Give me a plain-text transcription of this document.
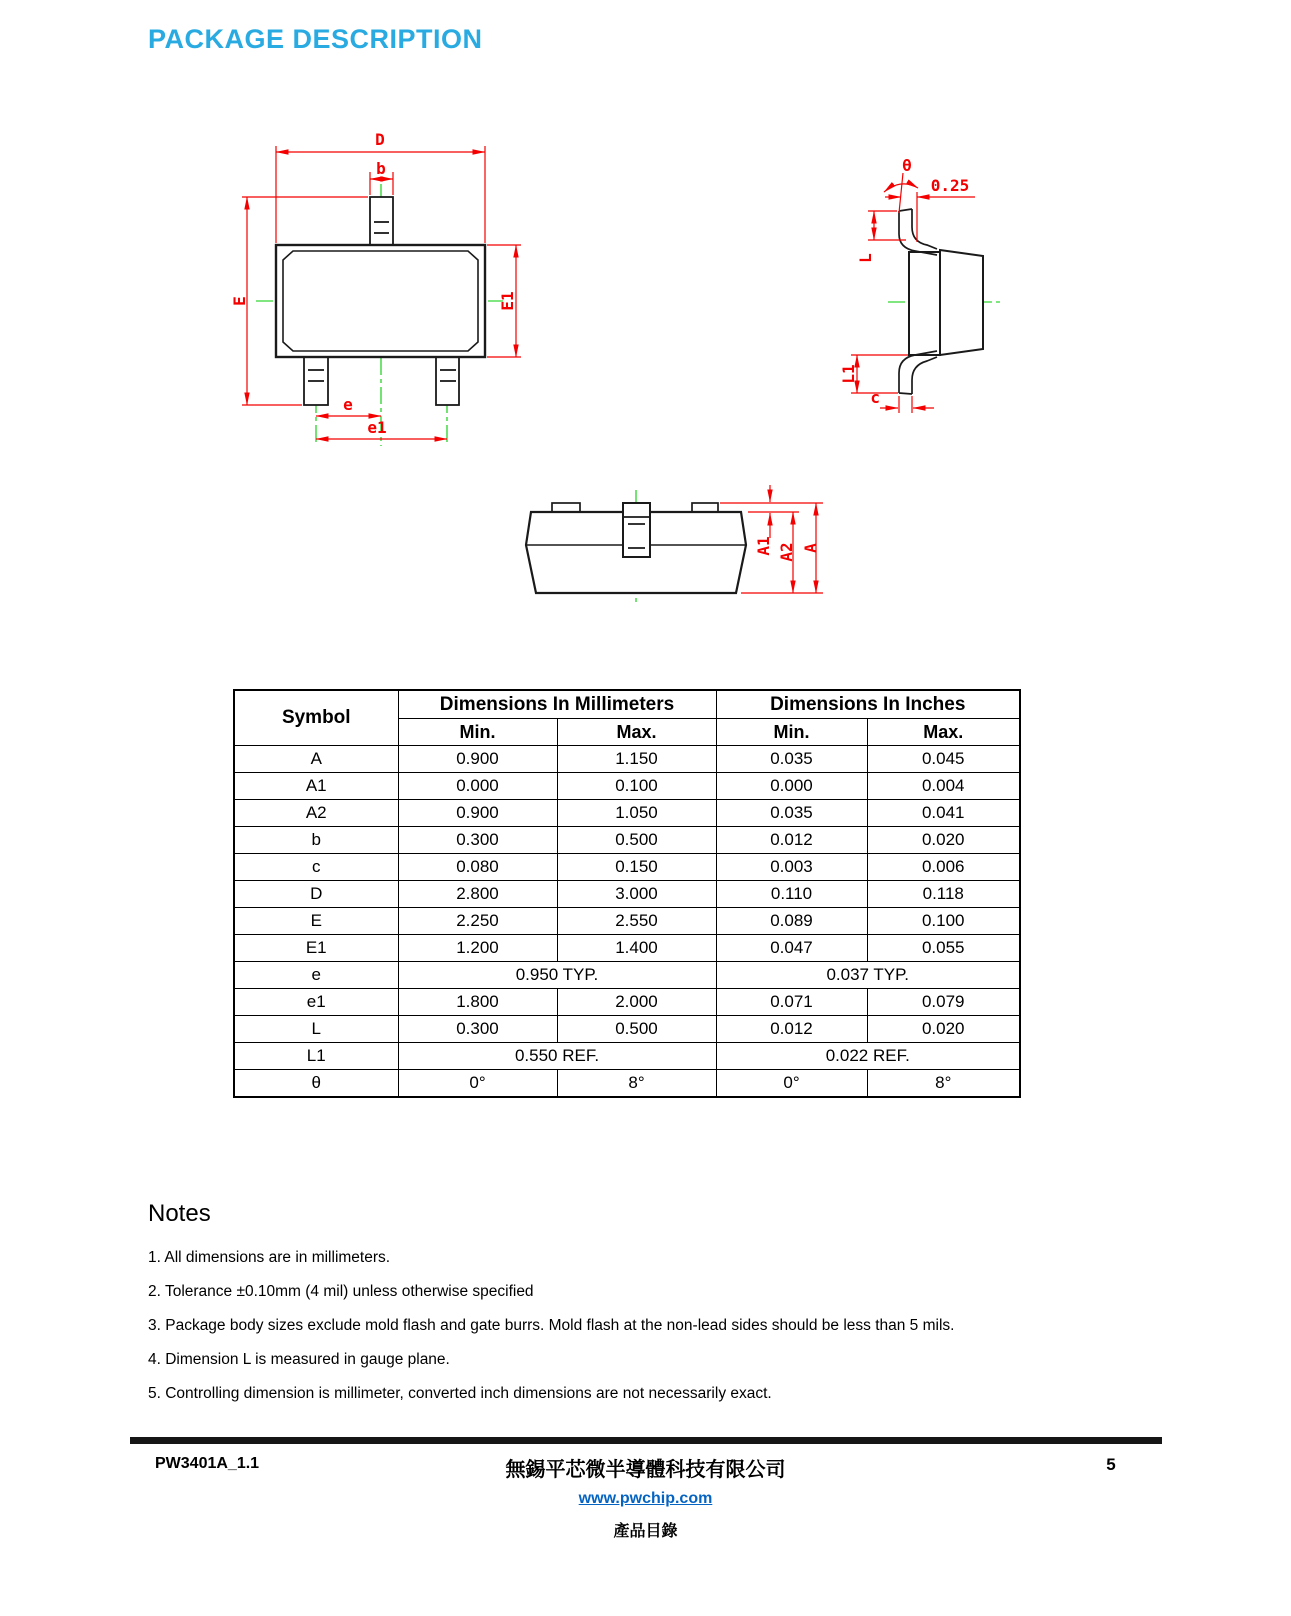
PACKAGE DESCRIPTION
D
b
E	E1
e
e1
θ
0.25
L
L1
c
A1 A2 A
Symbol	Dimensions In Millimeters		Dimensions In Inches	
	Min.	Max.	Min.	Max.
A	0.900	1.150	0.035	0.045
A1	0.000	0.100	0.000	0.004
A2	0.900	1.050	0.035	0.041
b	0.300	0.500	0.012	0.020
c	0.080	0.150	0.003	0.006
D	2.800	3.000	0.110	0.118
E	2.250	2.550	0.089	0.100
E1	1.200	1.400	0.047	0.055
e	0.950 TYP.		0.037 TYP.	
e1	1.800	2.000	0.071	0.079
L	0.300	0.500	0.012	0.020
L1	0.550 REF.		0.022 REF.	
θ	0°	8°	0°	8°
Notes

1. All dimensions are in millimeters.

2. Tolerance ±0.10mm (4 mil) unless otherwise specified

3. Package body sizes exclude mold flash and gate burrs. Mold flash at the non-lead sides should be less than 5 mils.

4. Dimension L is measured in gauge plane.

5. Controlling dimension is millimeter, converted inch dimensions are not necessarily exact.

PW3401A_1.1	無錫平芯微半導體科技有限公司	5
www.pwchip.com
產品目錄
